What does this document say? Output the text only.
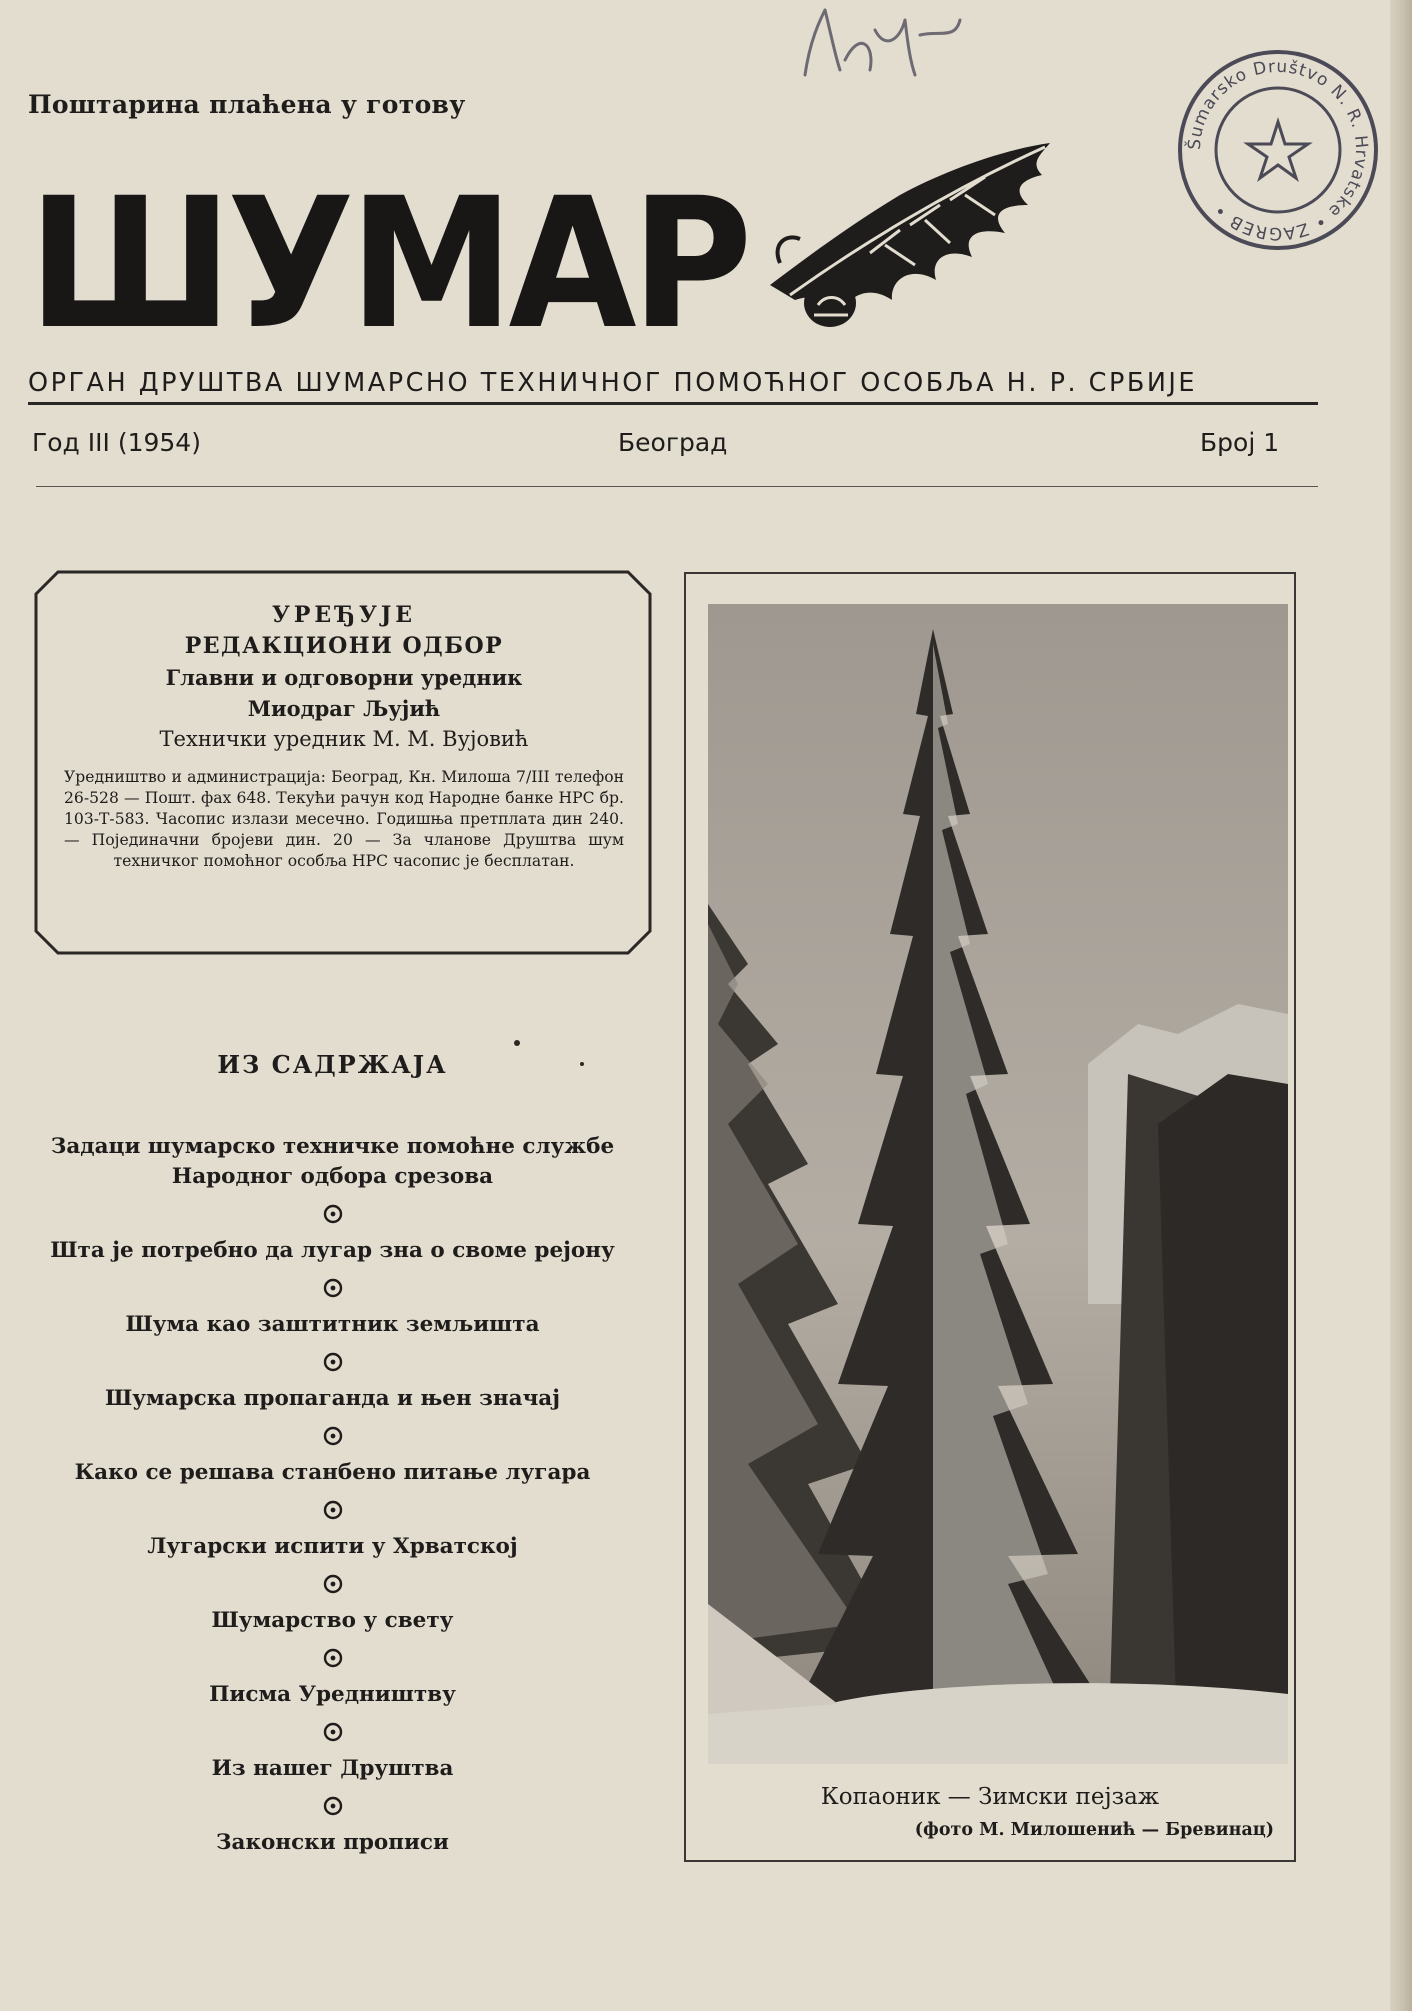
Поштарина плаћена у готову
ШУМАР
Šumarsko Društvo N. R. Hrvatske • ZAGREB •
ОРГАН ДРУШТВА ШУМАРСНО ТЕХНИЧНОГ ПОМОЋНОГ ОСОБЉА Н. Р. СРБИЈЕ
Год III (1954)	Београд	Број 1
УРЕЂУЈЕ
РЕДАКЦИОНИ ОДБОР
Главни и одговорни уредник
Миодраг Љујић
Технички уредник М. М. Вујовић
Уредништво и администрација: Београд, Кн. Милоша 7/III телефон 26-528 — Пошт. фах 648. Текући рачун код Народне банке НРС бр. 103-Т-583. Часопис излази месечно. Годишња претплата дин 240. — Појединачни бројеви дин. 20 — За чланове Друштва шум техничког помоћног особља НРС часопис је бесплатан.
ИЗ САДРЖАЈА
Задаци шумарско техничке помоћне службе Народног одбора срезова
Шта је потребно да лугар зна о своме рејону
Шума као заштитник земљишта
Шумарска пропаганда и њен значај
Како се решава станбено питање лугара
Лугарски испити у Хрватској
Шумарство у свету
Писма Уредништву
Из нашег Друштва
Законски прописи
Копаоник — Зимски пејзаж
(фото М. Милошенић — Бревинац)
